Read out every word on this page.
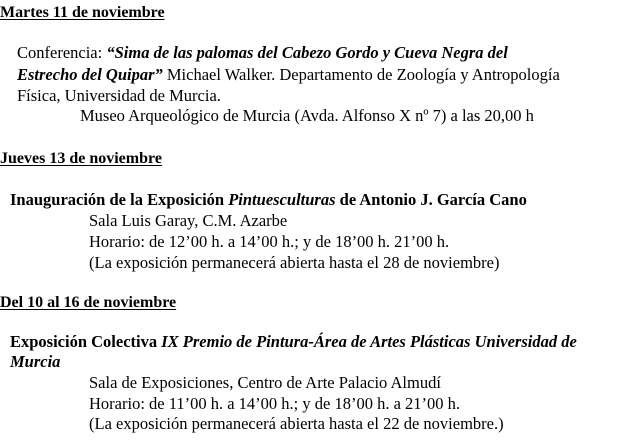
Martes 11 de noviembre
Conferencia: “Sima de las palomas del Cabezo Gordo y Cueva Negra del
Estrecho del Quipar” Michael Walker. Departamento de Zoología y Antropología
Física, Universidad de Murcia.
Museo Arqueológico de Murcia (Avda. Alfonso X nº 7) a las 20,00 h
Jueves 13 de noviembre
Inauguración de la Exposición Pintuesculturas de Antonio J. García Cano
Sala Luis Garay, C.M. Azarbe
Horario: de 12’00 h. a 14’00 h.; y de 18’00 h. 21’00 h.
(La exposición permanecerá abierta hasta el 28 de noviembre)
Del 10 al 16 de noviembre
Exposición Colectiva IX Premio de Pintura-Área de Artes Plásticas Universidad de
Murcia
Sala de Exposiciones, Centro de Arte Palacio Almudí
Horario: de 11’00 h. a 14’00 h.; y de 18’00 h. a 21’00 h.
(La exposición permanecerá abierta hasta el 22 de noviembre.)
